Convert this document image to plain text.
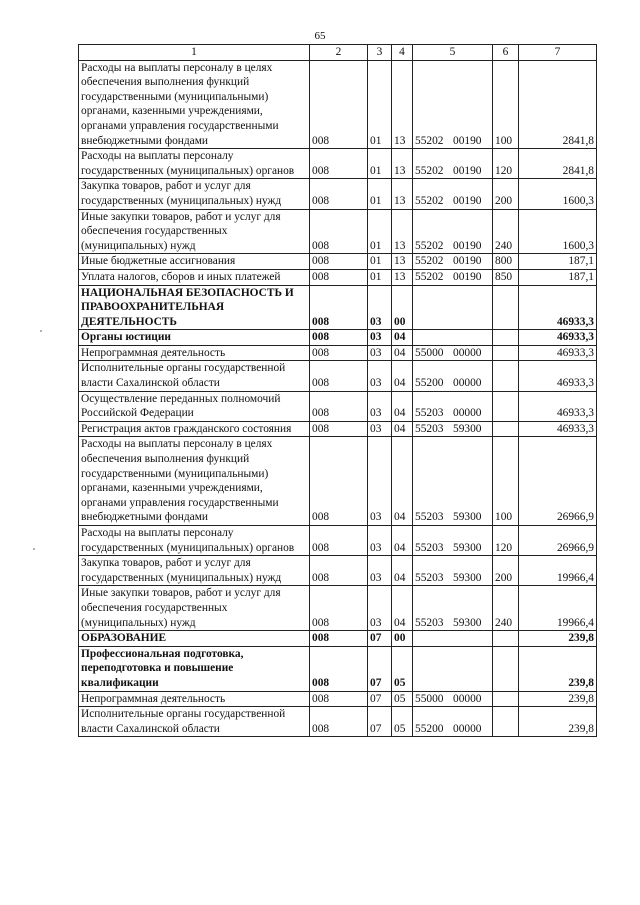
65
1	2	3	4	5	6	7
Расходы на выплаты персоналу в целях обеспечения выполнения функций государственными (муниципальными) органами, казенными учреждениями, органами управления государственными внебюджетными фондами	008	01	13	55202 00190	100	2841,8
Расходы на выплаты персоналу государственных (муниципальных) органов	008	01	13	55202 00190	120	2841,8
Закупка товаров, работ и услуг для государственных (муниципальных) нужд	008	01	13	55202 00190	200	1600,3
Иные закупки товаров, работ и услуг для обеспечения государственных (муниципальных) нужд	008	01	13	55202 00190	240	1600,3
Иные бюджетные ассигнования	008	01	13	55202 00190	800	187,1
Уплата налогов, сборов и иных платежей	008	01	13	55202 00190	850	187,1
НАЦИОНАЛЬНАЯ БЕЗОПАСНОСТЬ И ПРАВООХРАНИТЕЛЬНАЯ ДЕЯТЕЛЬНОСТЬ	008	03	00			46933,3
Органы юстиции	008	03	04			46933,3
Непрограммная деятельность	008	03	04	55000 00000		46933,3
Исполнительные органы государственной власти Сахалинской области	008	03	04	55200 00000		46933,3
Осуществление переданных полномочий Российской Федерации	008	03	04	55203 00000		46933,3
Регистрация актов гражданского состояния	008	03	04	55203 59300		46933,3
Расходы на выплаты персоналу в целях обеспечения выполнения функций государственными (муниципальными) органами, казенными учреждениями, органами управления государственными внебюджетными фондами	008	03	04	55203 59300	100	26966,9
Расходы на выплаты персоналу государственных (муниципальных) органов	008	03	04	55203 59300	120	26966,9
Закупка товаров, работ и услуг для государственных (муниципальных) нужд	008	03	04	55203 59300	200	19966,4
Иные закупки товаров, работ и услуг для обеспечения государственных (муниципальных) нужд	008	03	04	55203 59300	240	19966,4
ОБРАЗОВАНИЕ	008	07	00			239,8
Профессиональная подготовка, переподготовка и повышение квалификации	008	07	05			239,8
Непрограммная деятельность	008	07	05	55000 00000		239,8
Исполнительные органы государственной власти Сахалинской области	008	07	05	55200 00000		239,8
